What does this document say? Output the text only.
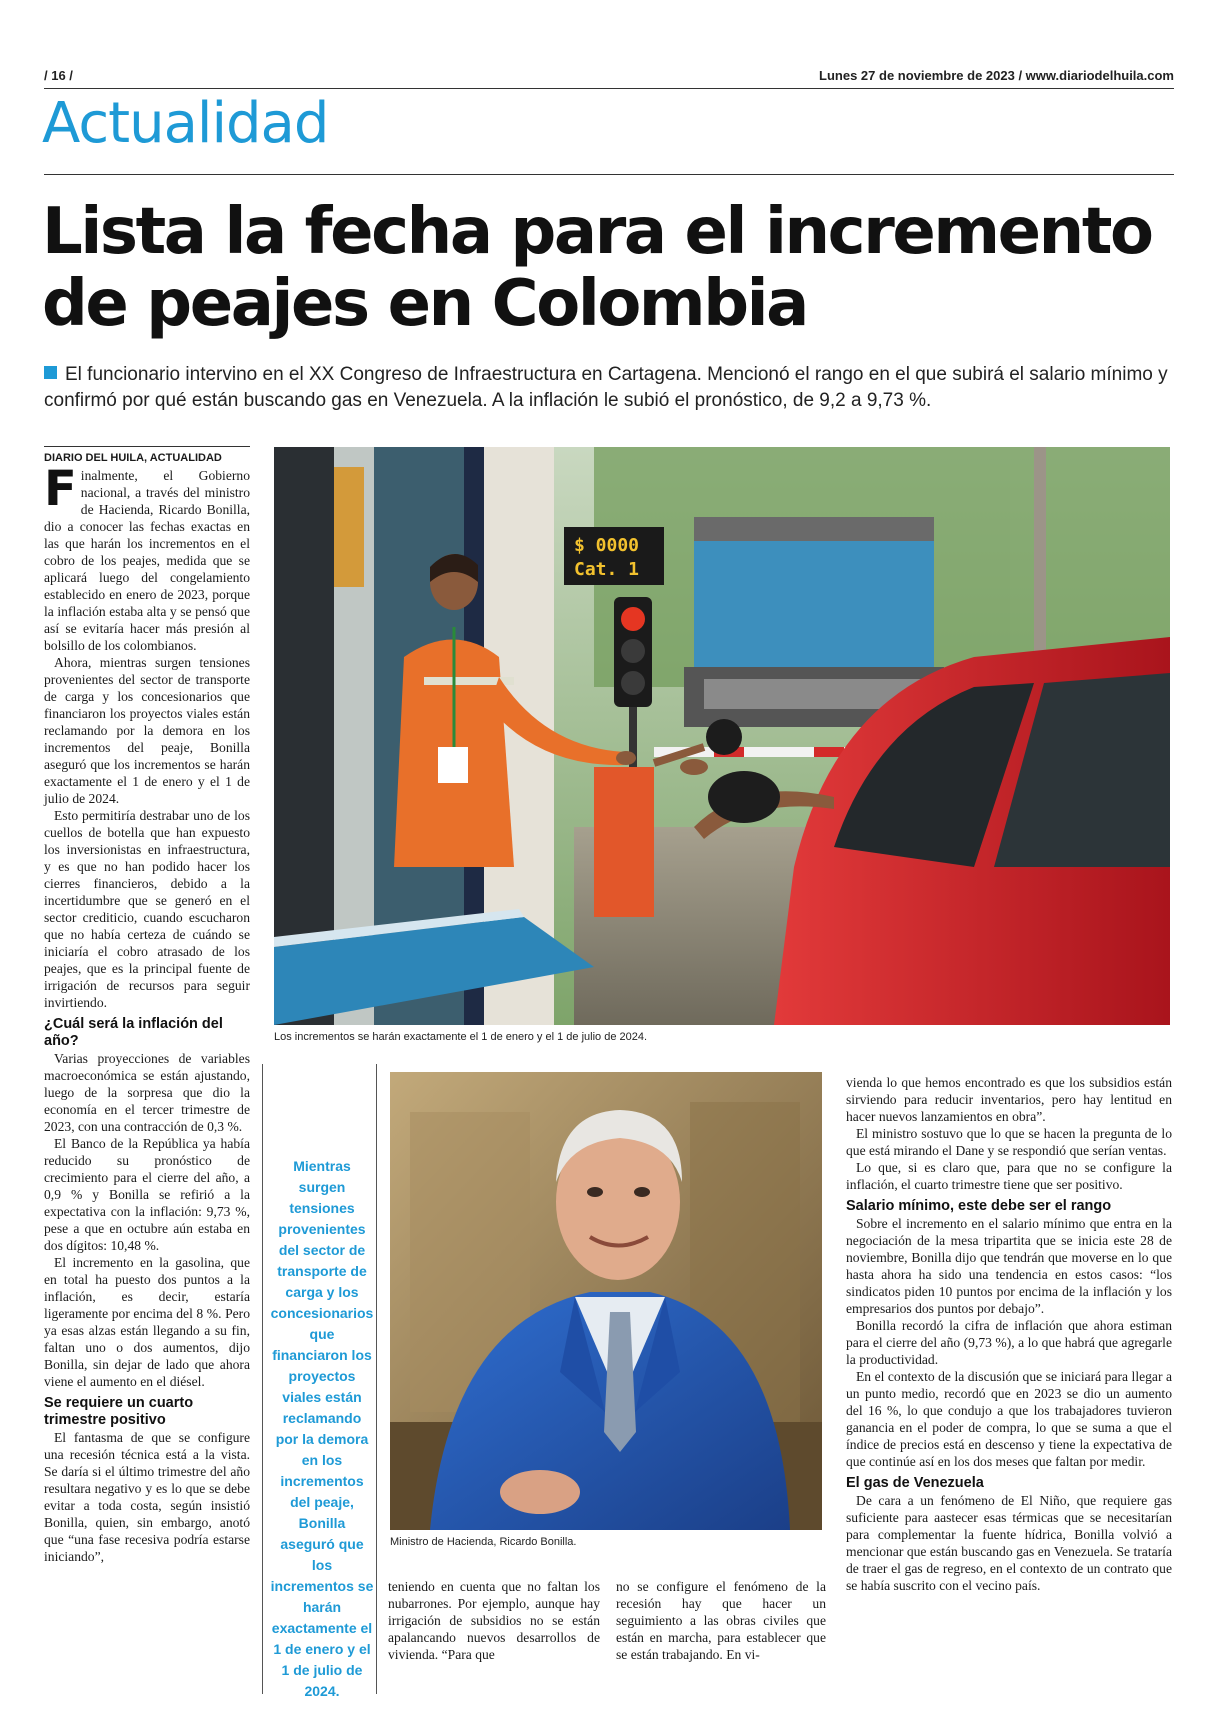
/ 16 /	Lunes 27 de noviembre de 2023 / www.diariodelhuila.com
Actualidad
Lista la fecha para el incremento
de peajes en Colombia
El funcionario intervino en el XX Congreso de Infraestructura en Cartagena. Mencionó el rango en el que subirá el salario mínimo y confirmó por qué están buscando gas en Venezuela. A la inflación le subió el pronóstico, de 9,2 a 9,73 %.
DIARIO DEL HUILA, ACTUALIDAD

Finalmente, el Gobierno nacional, a través del ministro de Hacienda, Ricardo Bonilla, dio a conocer las fechas exactas en las que harán los incrementos en el cobro de los peajes, medida que se aplicará luego del congelamiento establecido en enero de 2023, porque la inflación estaba alta y se pensó que así se evitaría hacer más presión al bolsillo de los colombianos.

Ahora, mientras surgen tensiones provenientes del sector de transporte de carga y los concesionarios que financiaron los proyectos viales están reclamando por la demora en los incrementos del peaje, Bonilla aseguró que los incrementos se harán exactamente el 1 de enero y el 1 de julio de 2024.

Esto permitiría destrabar uno de los cuellos de botella que han expuesto los inversionistas en infraestructura, y es que no han podido hacer los cierres financieros, debido a la incertidumbre que se generó en el sector crediticio, cuando escucharon que no había certeza de cuándo se iniciaría el cobro atrasado de los peajes, que es la principal fuente de irrigación de recursos para seguir invirtiendo.

¿Cuál será la inflación del año?

Varias proyecciones de variables macroeconómica se están ajustando, luego de la sorpresa que dio la economía en el tercer trimestre de 2023, con una contracción de 0,3 %.

El Banco de la República ya había reducido su pronóstico de crecimiento para el cierre del año, a 0,9 % y Bonilla se refirió a la expectativa con la inflación: 9,73 %, pese a que en octubre aún estaba en dos dígitos: 10,48 %.

El incremento en la gasolina, que en total ha puesto dos puntos a la inflación, es decir, estaría ligeramente por encima del 8 %. Pero ya esas alzas están llegando a su fin, faltan uno o dos aumentos, dijo Bonilla, sin dejar de lado que ahora viene el aumento en el diésel.

Se requiere un cuarto trimestre positivo

El fantasma de que se configure una recesión técnica está a la vista. Se daría si el último trimestre del año resultara negativo y es lo que se debe evitar a toda costa, según insistió Bonilla, quien, sin embargo, anotó que “una fase recesiva podría estarse iniciando”,

$ 0000
Cat. 1
Los incrementos se harán exactamente el 1 de enero y el 1 de julio de 2024.
Mientras surgen tensiones provenientes del sector de transporte de carga y los concesionarios que financiaron los proyectos viales están reclamando por la demora en los incrementos del peaje, Bonilla aseguró que los incrementos se harán exactamente el 1 de enero y el 1 de julio de 2024.
Ministro de Hacienda, Ricardo Bonilla.

teniendo en cuenta que no faltan los nubarrones. Por ejemplo, aunque hay irrigación de subsidios no se están apalancando nuevos desarrollos de vivienda. “Para que

no se configure el fenómeno de la recesión hay que hacer un seguimiento a las obras civiles que están en marcha, para establecer que se están trabajando. En vi-

vienda lo que hemos encontrado es que los subsidios están sirviendo para reducir inventarios, pero hay lentitud en hacer nuevos lanzamientos en obra”.

El ministro sostuvo que lo que se hacen la pregunta de lo que está mirando el Dane y se respondió que serían ventas.

Lo que, si es claro que, para que no se configure la inflación, el cuarto trimestre tiene que ser positivo.

Salario mínimo, este debe ser el rango

Sobre el incremento en el salario mínimo que entra en la negociación de la mesa tripartita que se inicia este 28 de noviembre, Bonilla dijo que tendrán que moverse en lo que hasta ahora ha sido una tendencia en estos casos: “los sindicatos piden 10 puntos por encima de la inflación y los empresarios dos puntos por debajo”.

Bonilla recordó la cifra de inflación que ahora estiman para el cierre del año (9,73 %), a lo que habrá que agregarle la productividad.

En el contexto de la discusión que se iniciará para llegar a un punto medio, recordó que en 2023 se dio un aumento del 16 %, lo que condujo a que los trabajadores tuvieron ganancia en el poder de compra, lo que se suma a que el índice de precios está en descenso y tiene la expectativa de que continúe así en los dos meses que faltan por medir.

El gas de Venezuela

De cara a un fenómeno de El Niño, que requiere gas suficiente para aastecer esas térmicas que se necesitarían para complementar la fuente hídrica, Bonilla volvió a mencionar que están buscando gas en Venezuela. Se trataría de traer el gas de regreso, en el contexto de un contrato que se había suscrito con el vecino país.
